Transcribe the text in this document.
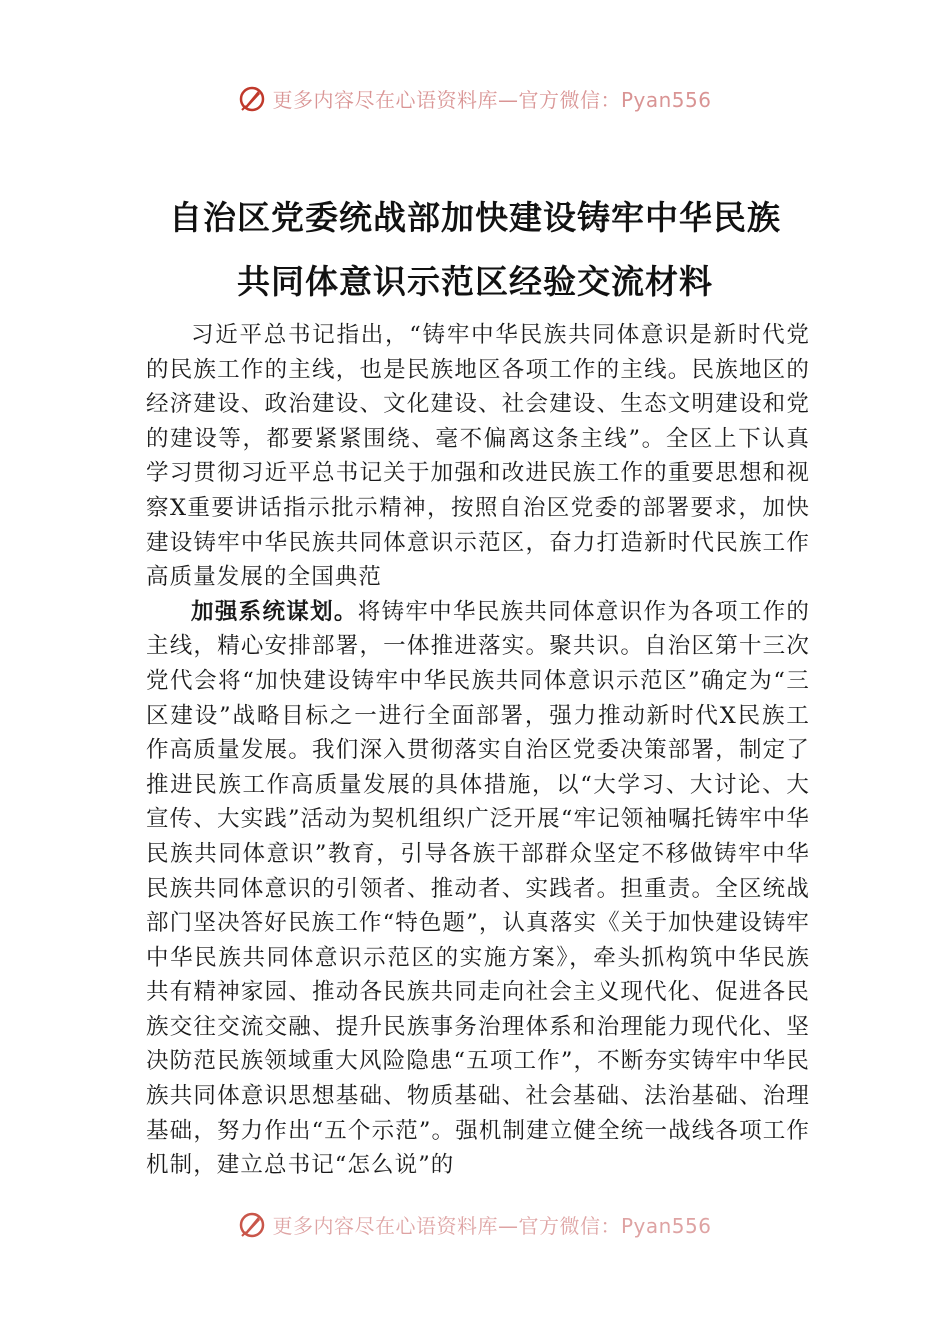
更多内容尽在心语资料库—官方微信：Pyan556
自治区党委统战部加快建设铸牢中华民族
共同体意识示范区经验交流材料

习近平总书记指出，“铸牢中华民族共同体意识是新时代党的民族工作的主线，也是民族地区各项工作的主线。民族地区的经济建设、政治建设、文化建设、社会建设、生态文明建设和党的建设等，都要紧紧围绕、毫不偏离这条主线”。全区上下认真学习贯彻习近平总书记关于加强和改进民族工作的重要思想和视察X重要讲话指示批示精神，按照自治区党委的部署要求，加快建设铸牢中华民族共同体意识示范区，奋力打造新时代民族工作高质量发展的全国典范

加强系统谋划。将铸牢中华民族共同体意识作为各项工作的主线，精心安排部署，一体推进落实。聚共识。自治区第十三次党代会将“加快建设铸牢中华民族共同体意识示范区”确定为“三区建设”战略目标之一进行全面部署，强力推动新时代X民族工作高质量发展。我们深入贯彻落实自治区党委决策部署，制定了推进民族工作高质量发展的具体措施，以“大学习、大讨论、大宣传、大实践”活动为契机组织广泛开展“牢记领袖嘱托铸牢中华民族共同体意识”教育，引导各族干部群众坚定不移做铸牢中华民族共同体意识的引领者、推动者、实践者。担重责。全区统战部门坚决答好民族工作“特色题”，认真落实《关于加快建设铸牢中华民族共同体意识示范区的实施方案》，牵头抓构筑中华民族共有精神家园、推动各民族共同走向社会主义现代化、促进各民族交往交流交融、提升民族事务治理体系和治理能力现代化、坚决防范民族领域重大风险隐患“五项工作”，不断夯实铸牢中华民族共同体意识思想基础、物质基础、社会基础、法治基础、治理基础，努力作出“五个示范”。强机制建立健全统一战线各项工作机制，建立总书记“怎么说”的

更多内容尽在心语资料库—官方微信：Pyan556
